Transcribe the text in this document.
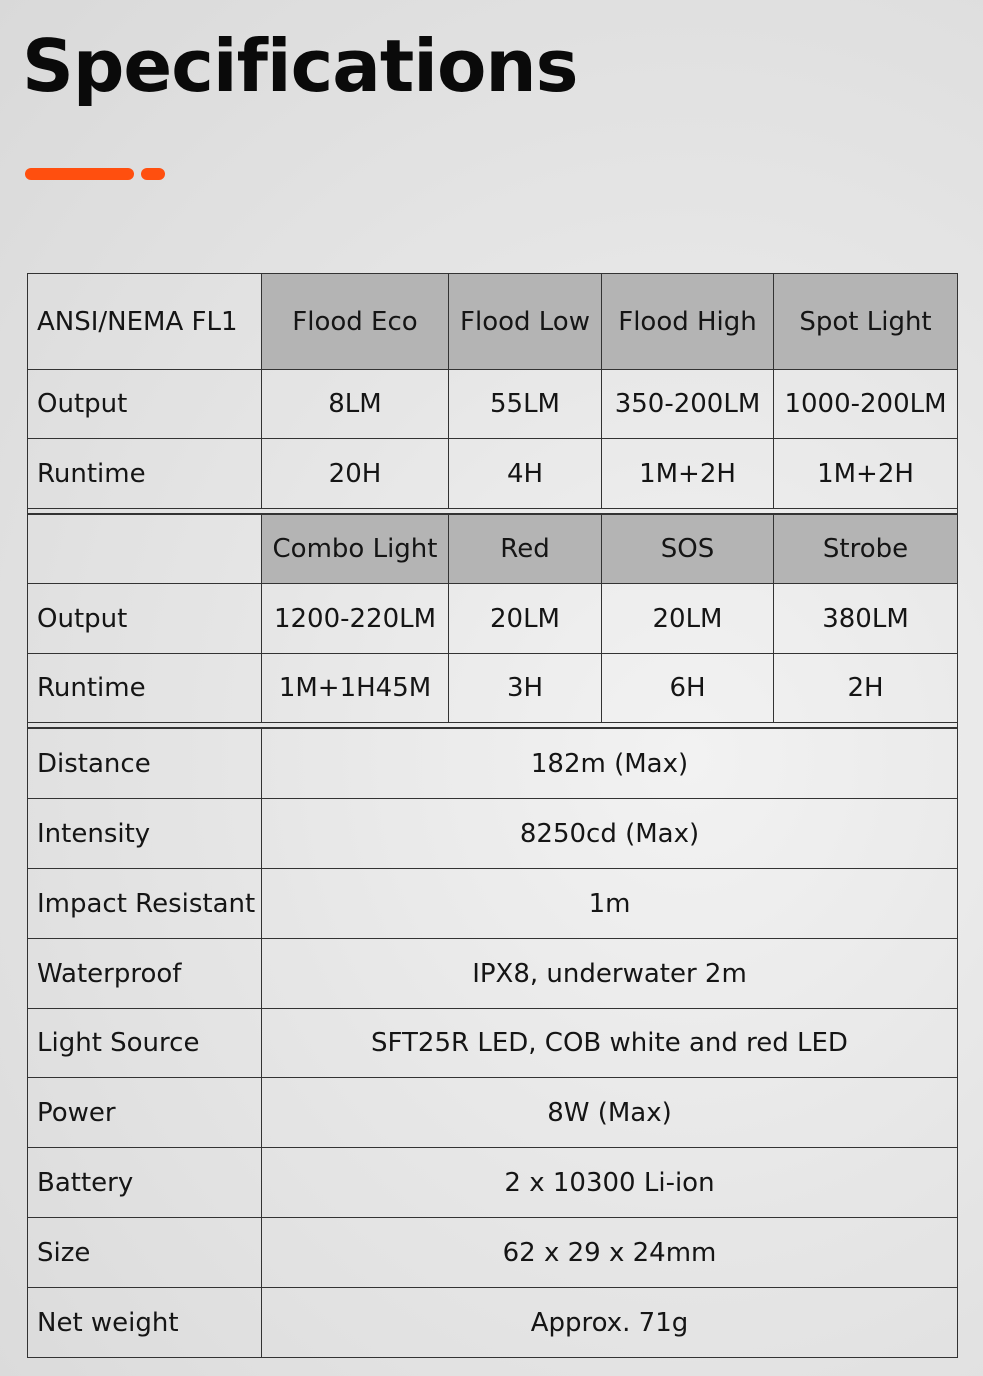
Specifications
ANSI/NEMA FL1	Flood Eco	Flood Low	Flood High	Spot Light
Output	8LM	55LM	350-200LM	1000-200LM
Runtime	20H	4H	1M+2H	1M+2H

	Combo Light	Red	SOS	Strobe
Output	1200-220LM	20LM	20LM	380LM
Runtime	1M+1H45M	3H	6H	2H

Distance	182m (Max)			
Intensity	8250cd (Max)			
Impact Resistant	1m			
Waterproof	IPX8, underwater 2m			
Light Source	SFT25R LED, COB white and red LED			
Power	8W (Max)			
Battery	2 x 10300 Li-ion			
Size	62 x 29 x 24mm			
Net weight	Approx. 71g			
